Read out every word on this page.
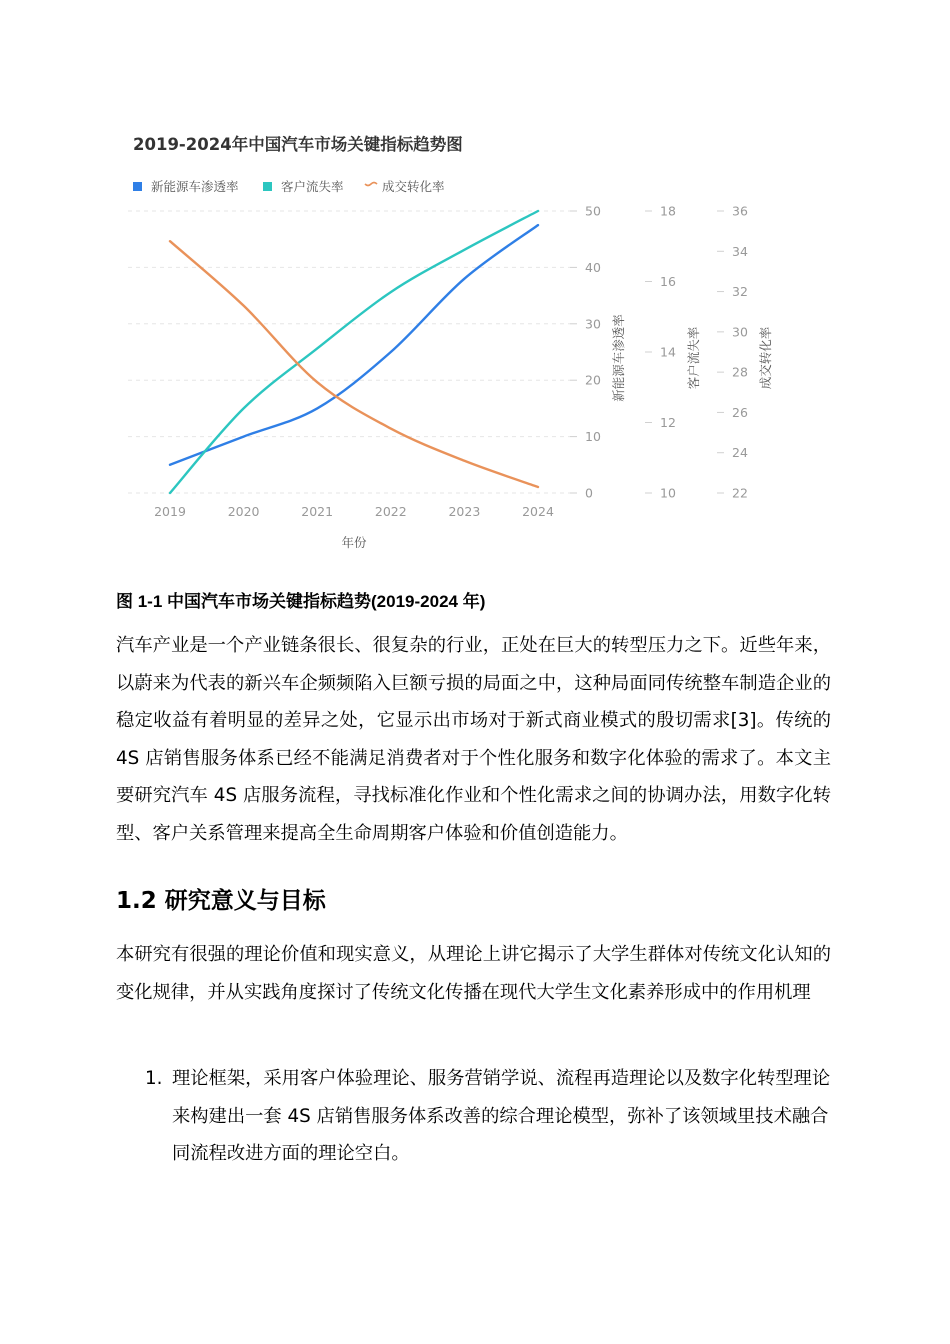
2019-2024年中国汽车市场关键指标趋势图
新能源车渗透率	客户流失率	成交转化率
0
10
20
30
40
50
10
12
14
16
18
22
24
26
28
30
32
34
36
2019	2020	2021	2022	2023	2024
年份
新能源车渗透率	客户流失率	成交转化率
图 1-1 中国汽车市场关键指标趋势(2019-2024 年)

汽车产业是一个产业链条很长、很复杂的行业，正处在巨大的转型压力之下。近些年来，以蔚来为代表的新兴车企频频陷入巨额亏损的局面之中，这种局面同传统整车制造企业的稳定收益有着明显的差异之处，它显示出市场对于新式商业模式的殷切需求[3]。传统的 4S 店销售服务体系已经不能满足消费者对于个性化服务和数字化体验的需求了。本文主要研究汽车 4S 店服务流程，寻找标准化作业和个性化需求之间的协调办法，用数字化转型、客户关系管理来提高全生命周期客户体验和价值创造能力。

1.2 研究意义与目标

本研究有很强的理论价值和现实意义，从理论上讲它揭示了大学生群体对传统文化认知的变化规律，并从实践角度探讨了传统文化传播在现代大学生文化素养形成中的作用机理

1. 理论框架，采用客户体验理论、服务营销学说、流程再造理论以及数字化转型理论来构建出一套 4S 店销售服务体系改善的综合理论模型，弥补了该领域里技术融合同流程改进方面的理论空白。
